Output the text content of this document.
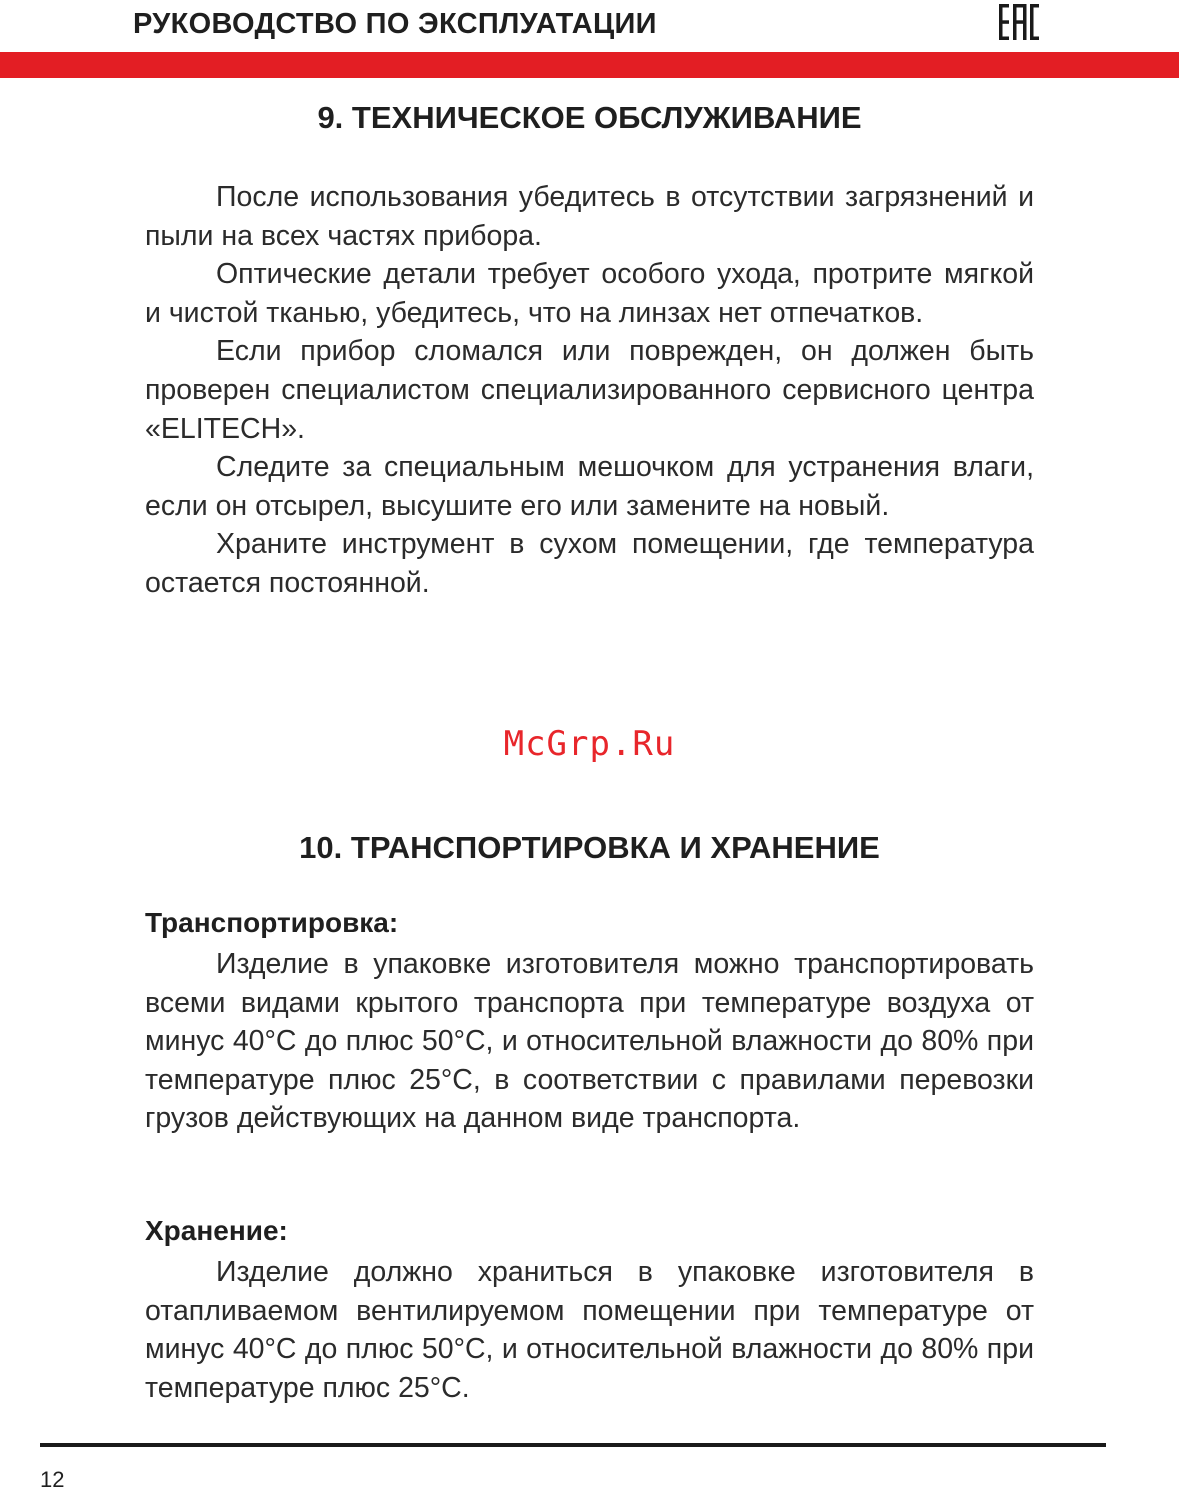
РУКОВОДСТВО ПО ЭКСПЛУАТАЦИИ
9. ТЕХНИЧЕСКОЕ ОБСЛУЖИВАНИЕ

После использования убедитесь в отсутствии загрязнений и пыли на всех частях прибора.

Оптические детали требует особого ухода, протрите мягкой и чистой тканью, убедитесь, что на линзах нет отпечатков.

Если прибор сломался или поврежден, он должен быть проверен специалистом специализированного сервисного центра «ELITECH».

Следите за специальным мешочком для устранения влаги, если он отсырел, высушите его или замените на новый.

Храните инструмент в сухом помещении, где температура остается постоянной.

McGrp.Ru
10. ТРАНСПОРТИРОВКА И ХРАНЕНИЕ
Транспортировка:

Изделие в упаковке изготовителя можно транспортировать всеми видами крытого транспорта при температуре воздуха от минус 40°С до плюс 50°С, и относительной влажности до 80% при температуре плюс 25°С, в соответствии с правилами перевозки грузов действующих на данном виде транспорта.

Хранение:

Изделие должно храниться в упаковке изготовителя в отапливаемом вентилируемом помещении при температуре от минус 40°С до плюс 50°С, и относительной влажности до 80% при температуре плюс 25°С.

12
